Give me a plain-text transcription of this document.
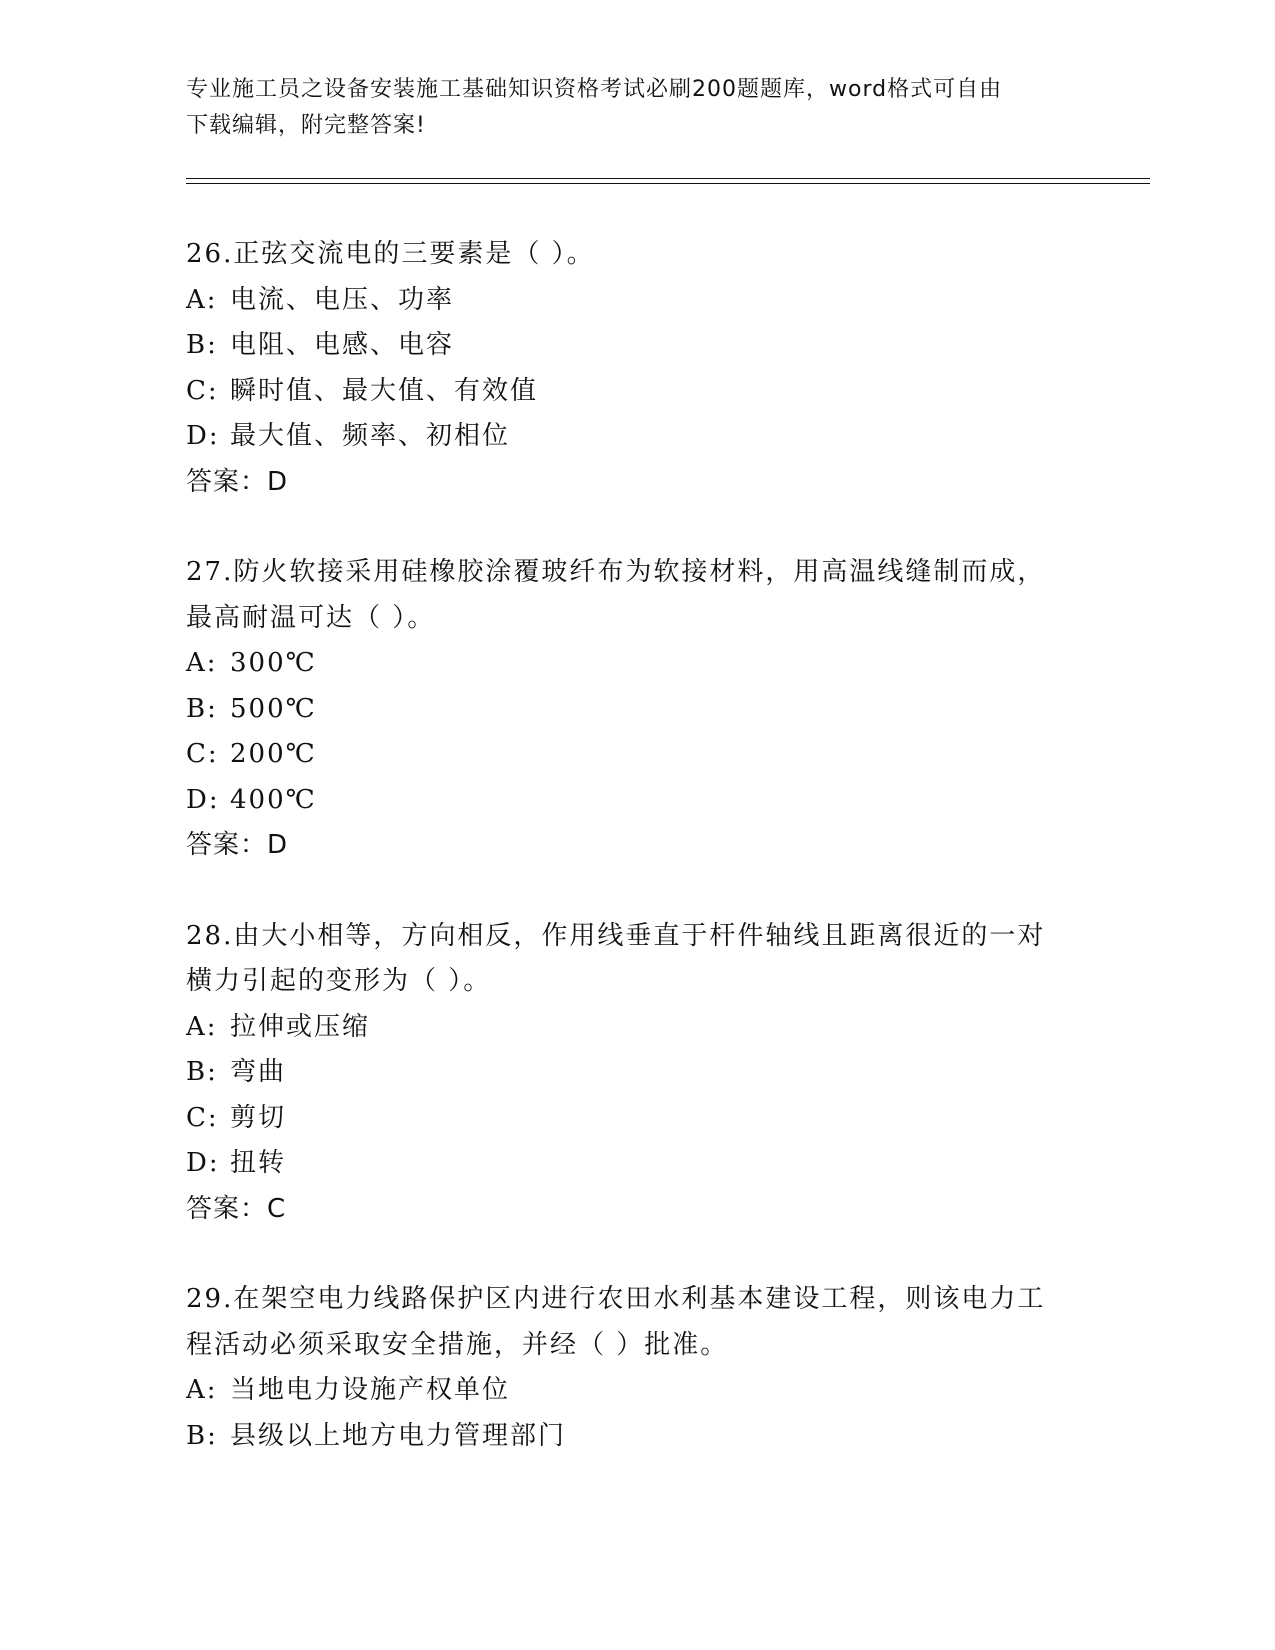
专业施工员之设备安装施工基础知识资格考试必刷200题题库，word格式可自由
下载编辑，附完整答案!

26.正弦交流电的三要素是（ ）。

A: 电流、电压、功率

B: 电阻、电感、电容

C: 瞬时值、最大值、有效值

D: 最大值、频率、初相位

答案：D

27.防火软接采用硅橡胶涂覆玻纤布为软接材料，用高温线缝制而成，

最高耐温可达（ ）。

A: 300℃

B: 500℃

C: 200℃

D: 400℃

答案：D

28.由大小相等，方向相反，作用线垂直于杆件轴线且距离很近的一对

横力引起的变形为（ ）。

A: 拉伸或压缩

B: 弯曲

C: 剪切

D: 扭转

答案：C

29.在架空电力线路保护区内进行农田水利基本建设工程，则该电力工

程活动必须采取安全措施，并经（ ）批准。

A: 当地电力设施产权单位

B: 县级以上地方电力管理部门
